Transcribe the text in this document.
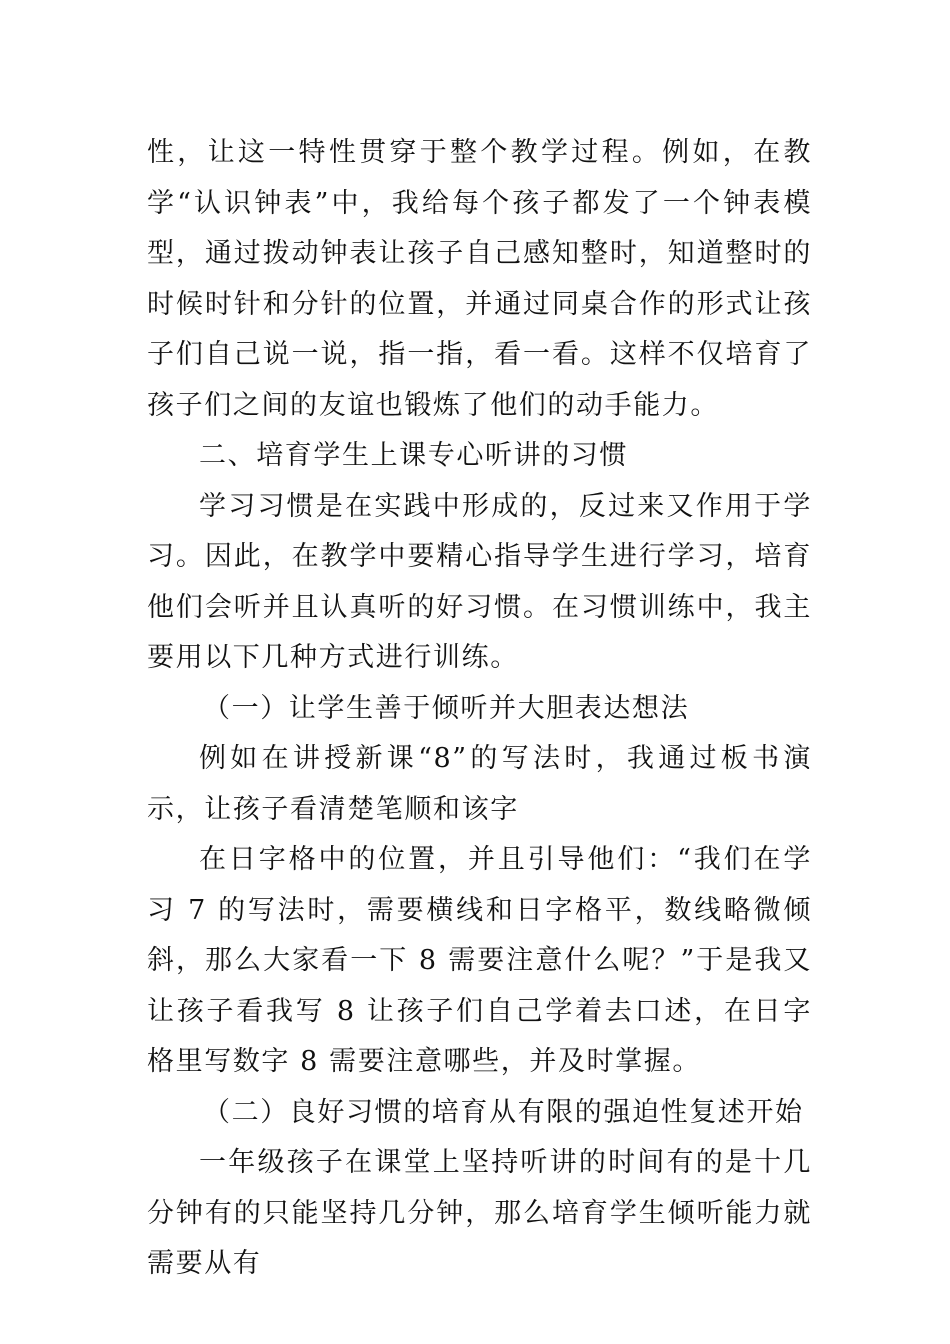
性，让这一特性贯穿于整个教学过程。例如，在教学“认识钟表”中，我给每个孩子都发了一个钟表模型，通过拨动钟表让孩子自己感知整时，知道整时的时候时针和分针的位置，并通过同桌合作的形式让孩子们自己说一说，指一指，看一看。这样不仅培育了孩子们之间的友谊也锻炼了他们的动手能力。

二、培育学生上课专心听讲的习惯

学习习惯是在实践中形成的，反过来又作用于学习。因此，在教学中要精心指导学生进行学习，培育他们会听并且认真听的好习惯。在习惯训练中，我主要用以下几种方式进行训练。

（一）让学生善于倾听并大胆表达想法

例如在讲授新课“8”的写法时，我通过板书演示，让孩子看清楚笔顺和该字

在日字格中的位置，并且引导他们：“我们在学习 7 的写法时，需要横线和日字格平，数线略微倾斜，那么大家看一下 8 需要注意什么呢？”于是我又让孩子看我写 8 让孩子们自己学着去口述，在日字格里写数字 8 需要注意哪些，并及时掌握。

（二）良好习惯的培育从有限的强迫性复述开始

一年级孩子在课堂上坚持听讲的时间有的是十几分钟有的只能坚持几分钟，那么培育学生倾听能力就需要从有
